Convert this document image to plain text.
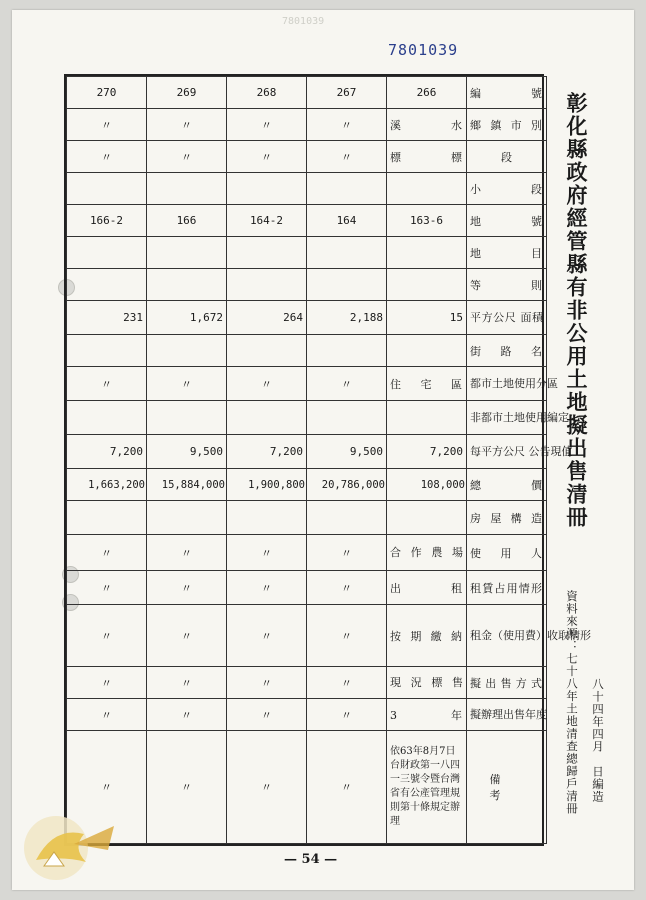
7801039
7801039
270	269	268	267	266	編號
〃	〃	〃	〃	溪水	鄉鎮市別
〃	〃	〃	〃	標標	段
					小段
166-2	166	164-2	164	163-6	地號
					地目
					等則
231	1,672	264	2,188	15	平方公尺 面積
					街路名
〃	〃	〃	〃	住宅區	都市土地使用分區
					非都市土地使用編定
7,200	9,500	7,200	9,500	7,200	每平方公尺 公告現值
1,663,200	15,884,000	1,900,800	20,786,000	108,000	總價
					房屋構造
〃	〃	〃	〃	合作農場	使用人
〃	〃	〃	〃	出租	租賃占用情形
〃	〃	〃	〃	按期繳納	租金（使用費）收取情形
〃	〃	〃	〃	現況標售	擬出售方式
〃	〃	〃	〃	3年	擬辦理出售年度
〃	〃	〃	〃	依63年8月7日台財政第一八四一三號令暨台灣省有公產管理規則第十條規定辦理	備考
彰化縣政府經管縣有非公用土地擬出售清冊
資料來源：七十八年土地清查總歸戶清冊 八十四年四月　日編造
— 54 —
